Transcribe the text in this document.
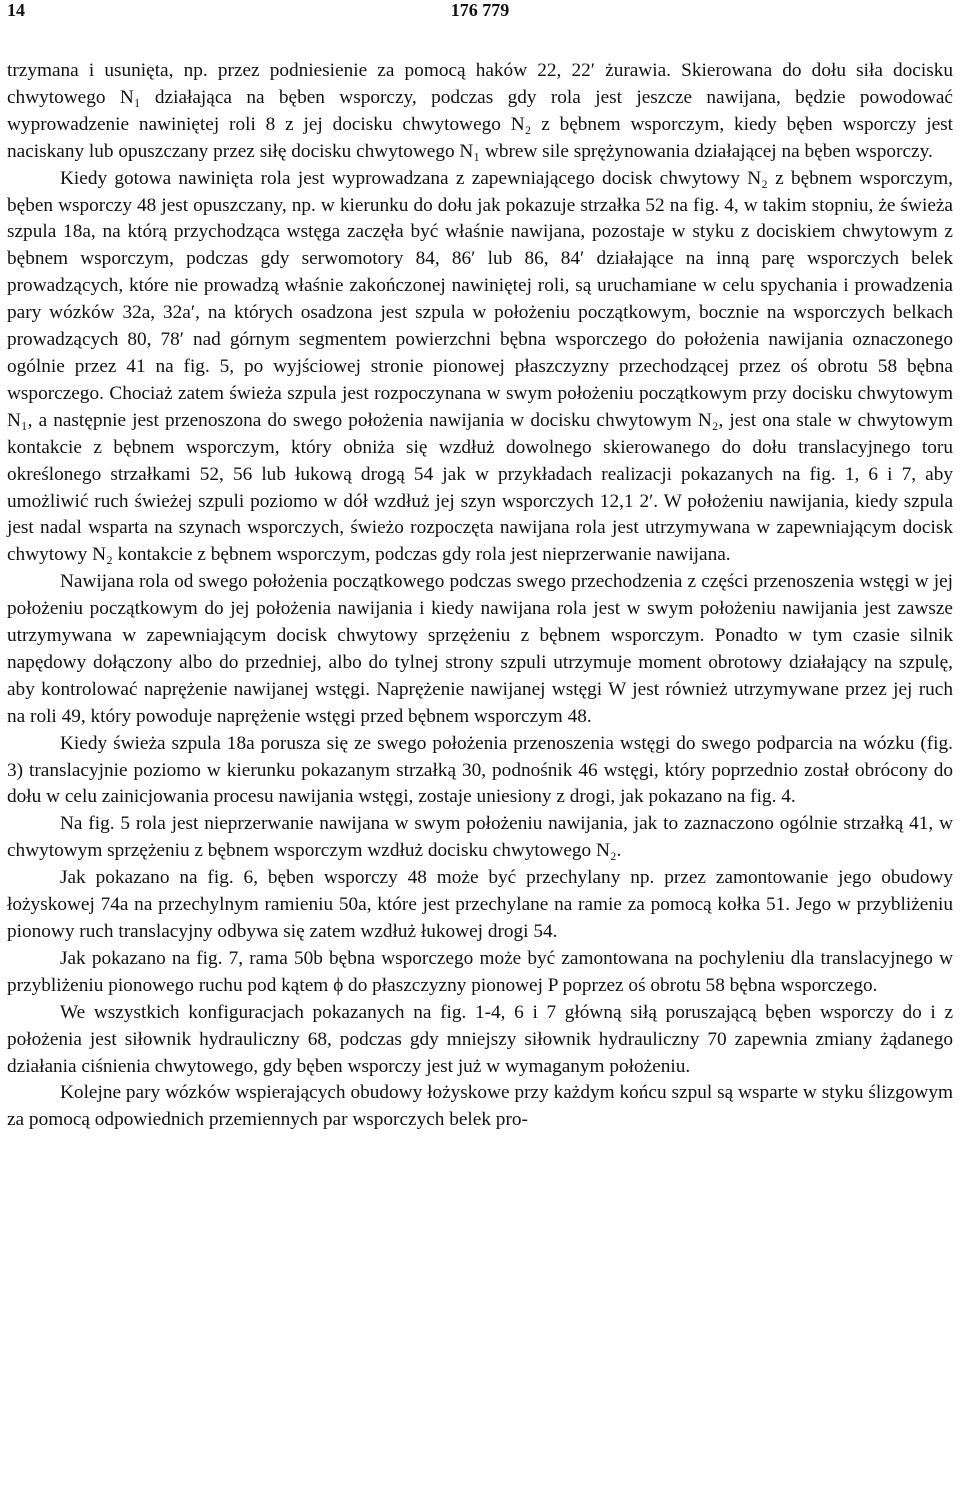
14	176 779

trzymana i usunięta, np. przez podniesienie za pomocą haków 22, 22′ żurawia. Skierowana do dołu siła docisku chwytowego N₁ działająca na bęben wsporczy, podczas gdy rola jest jeszcze nawijana, będzie powodować wyprowadzenie nawiniętej roli 8 z jej docisku chwytowego N₂ z bębnem wsporczym, kiedy bęben wsporczy jest naciskany lub opuszczany przez siłę docisku chwytowego N₁ wbrew sile sprężynowania działającej na bęben wsporczy.

Kiedy gotowa nawinięta rola jest wyprowadzana z zapewniającego docisk chwytowy N₂ z bębnem wsporczym, bęben wsporczy 48 jest opuszczany, np. w kierunku do dołu jak pokazuje strzałka 52 na fig. 4, w takim stopniu, że świeża szpula 18a, na którą przychodząca wstęga zaczęła być właśnie nawijana, pozostaje w styku z dociskiem chwytowym z bębnem wsporczym, podczas gdy serwomotory 84, 86′ lub 86, 84′ działające na inną parę wsporczych belek prowadzących, które nie prowadzą właśnie zakończonej nawiniętej roli, są uruchamiane w celu spychania i prowadzenia pary wózków 32a, 32a′, na których osadzona jest szpula w położeniu początkowym, bocznie na wsporczych belkach prowadzących 80, 78′ nad górnym segmentem powierzchni bębna wsporczego do położenia nawijania oznaczonego ogólnie przez 41 na fig. 5, po wyjściowej stronie pionowej płaszczyzny przechodzącej przez oś obrotu 58 bębna wsporczego. Chociaż zatem świeża szpula jest rozpoczynana w swym położeniu początkowym przy docisku chwytowym N₁, a następnie jest przenoszona do swego położenia nawijania w docisku chwytowym N₂, jest ona stale w chwytowym kontakcie z bębnem wsporczym, który obniża się wzdłuż dowolnego skierowanego do dołu translacyjnego toru określonego strzałkami 52, 56 lub łukową drogą 54 jak w przykładach realizacji pokazanych na fig. 1, 6 i 7, aby umożliwić ruch świeżej szpuli poziomo w dół wzdłuż jej szyn wsporczych 12,1 2′. W położeniu nawijania, kiedy szpula jest nadal wsparta na szynach wsporczych, świeżo rozpoczęta nawijana rola jest utrzymywana w zapewniającym docisk chwytowy N₂ kontakcie z bębnem wsporczym, podczas gdy rola jest nieprzerwanie nawijana.

Nawijana rola od swego położenia początkowego podczas swego przechodzenia z części przenoszenia wstęgi w jej położeniu początkowym do jej położenia nawijania i kiedy nawijana rola jest w swym położeniu nawijania jest zawsze utrzymywana w zapewniającym docisk chwytowy sprzężeniu z bębnem wsporczym. Ponadto w tym czasie silnik napędowy dołączony albo do przedniej, albo do tylnej strony szpuli utrzymuje moment obrotowy działający na szpulę, aby kontrolować naprężenie nawijanej wstęgi. Naprężenie nawijanej wstęgi W jest również utrzymywane przez jej ruch na roli 49, który powoduje naprężenie wstęgi przed bębnem wsporczym 48.

Kiedy świeża szpula 18a porusza się ze swego położenia przenoszenia wstęgi do swego podparcia na wózku (fig. 3) translacyjnie poziomo w kierunku pokazanym strzałką 30, podnośnik 46 wstęgi, który poprzednio został obrócony do dołu w celu zainicjowania procesu nawijania wstęgi, zostaje uniesiony z drogi, jak pokazano na fig. 4.

Na fig. 5 rola jest nieprzerwanie nawijana w swym położeniu nawijania, jak to zaznaczono ogólnie strzałką 41, w chwytowym sprzężeniu z bębnem wsporczym wzdłuż docisku chwytowego N₂.

Jak pokazano na fig. 6, bęben wsporczy 48 może być przechylany np. przez zamontowanie jego obudowy łożyskowej 74a na przechylnym ramieniu 50a, które jest przechylane na ramie za pomocą kołka 51. Jego w przybliżeniu pionowy ruch translacyjny odbywa się zatem wzdłuż łukowej drogi 54.

Jak pokazano na fig. 7, rama 50b bębna wsporczego może być zamontowana na pochyleniu dla translacyjnego w przybliżeniu pionowego ruchu pod kątem ϕ do płaszczyzny pionowej P poprzez oś obrotu 58 bębna wsporczego.

We wszystkich konfiguracjach pokazanych na fig. 1-4, 6 i 7 główną siłą poruszającą bęben wsporczy do i z położenia jest siłownik hydrauliczny 68, podczas gdy mniejszy siłownik hydrauliczny 70 zapewnia zmiany żądanego działania ciśnienia chwytowego, gdy bęben wsporczy jest już w wymaganym położeniu.

Kolejne pary wózków wspierających obudowy łożyskowe przy każdym końcu szpul są wsparte w styku ślizgowym za pomocą odpowiednich przemiennych par wsporczych belek pro-
